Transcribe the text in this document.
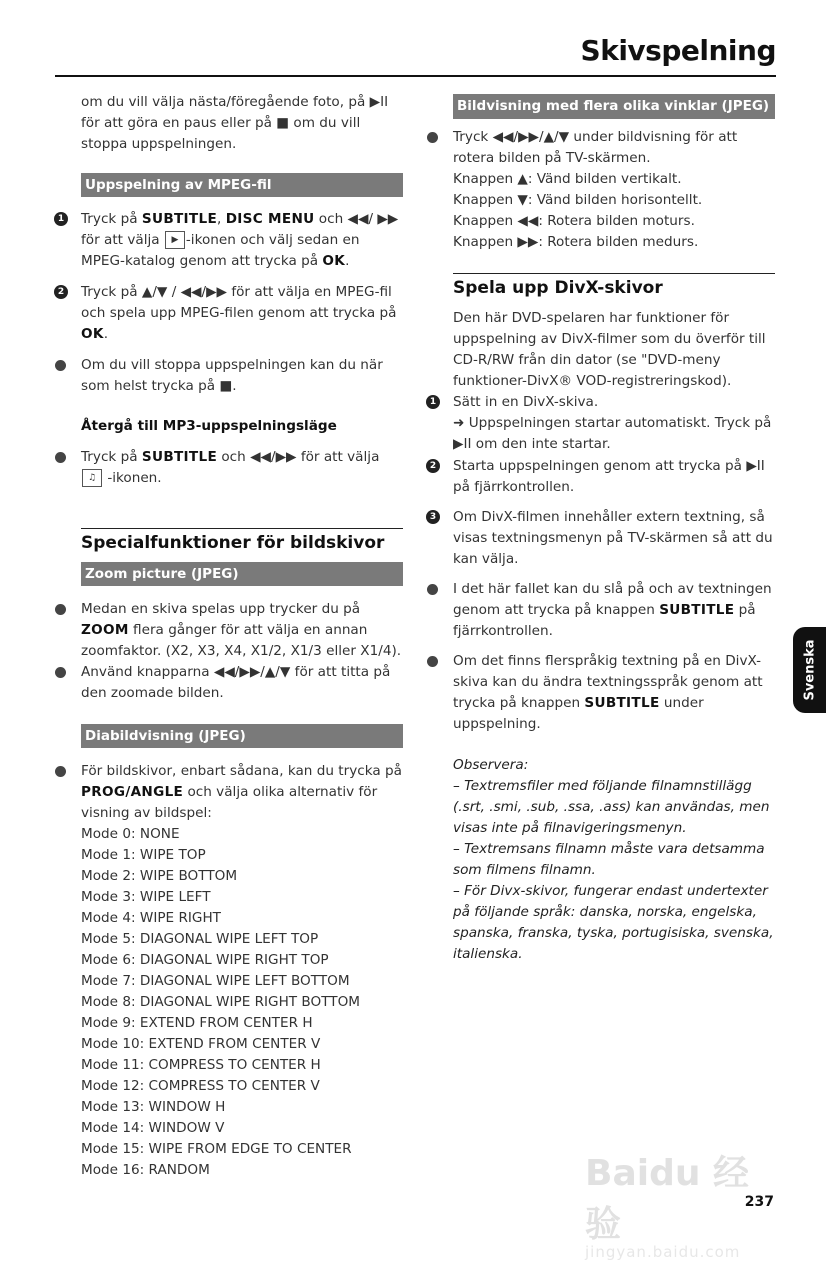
Skivspelning

om du vill välja nästa/föregående foto, på ▶II för att göra en paus eller på ■ om du vill stoppa uppspelningen.

Uppspelning av MPEG-fil
1 Tryck på SUBTITLE, DISC MENU och ◀◀/ ▶▶ för att välja ▶ -ikonen och välj sedan en MPEG-katalog genom att trycka på OK.
2 Tryck på ▲/▼ / ◀◀/▶▶ för att välja en MPEG-fil och spela upp MPEG-filen genom att trycka på OK.
Om du vill stoppa uppspelningen kan du när som helst trycka på ■.

Återgå till MP3-uppspelningsläge

Tryck på SUBTITLE och ◀◀/▶▶ för att välja ♫ -ikonen.
Specialfunktioner för bildskivor
Zoom picture (JPEG)
Medan en skiva spelas upp trycker du på ZOOM flera gånger för att välja en annan zoomfaktor. (X2, X3, X4, X1/2, X1/3 eller X1/4).
Använd knapparna ◀◀/▶▶/▲/▼ för att titta på den zoomade bilden.
Diabildvisning (JPEG)
För bildskivor, enbart sådana, kan du trycka på PROG/ANGLE och välja olika alternativ för visning av bildspel:

Mode 0: NONE

Mode 1: WIPE TOP

Mode 2: WIPE BOTTOM

Mode 3: WIPE LEFT

Mode 4: WIPE RIGHT

Mode 5: DIAGONAL WIPE LEFT TOP

Mode 6: DIAGONAL WIPE RIGHT TOP

Mode 7: DIAGONAL WIPE LEFT BOTTOM

Mode 8: DIAGONAL WIPE RIGHT BOTTOM

Mode 9: EXTEND FROM CENTER H

Mode 10: EXTEND FROM CENTER V

Mode 11: COMPRESS TO CENTER H

Mode 12: COMPRESS TO CENTER V

Mode 13: WINDOW H

Mode 14: WINDOW V

Mode 15: WIPE FROM EDGE TO CENTER

Mode 16: RANDOM

Bildvisning med flera olika vinklar (JPEG)

Tryck ◀◀/▶▶/▲/▼ under bildvisning för att rotera bilden på TV-skärmen.

Knappen ▲: Vänd bilden vertikalt.

Knappen ▼: Vänd bilden horisontellt.

Knappen ◀◀: Rotera bilden moturs.

Knappen ▶▶: Rotera bilden medurs.

Spela upp DivX-skivor

Den här DVD-spelaren har funktioner för uppspelning av DivX-filmer som du överför till CD-R/RW från din dator (se "DVD-meny funktioner-DivX® VOD-registreringskod).

1 Sätt in en DivX-skiva.

➜ Uppspelningen startar automatiskt. Tryck på ▶II om den inte startar.

2 Starta uppspelningen genom att trycka på ▶II på fjärrkontrollen.

3 Om DivX-filmen innehåller extern textning, så visas textningsmenyn på TV-skärmen så att du kan välja.

I det här fallet kan du slå på och av textningen genom att trycka på knappen SUBTITLE på fjärrkontrollen.
Om det finns flerspråkig textning på en DivX-skiva kan du ändra textningsspråk genom att trycka på knappen SUBTITLE under uppspelning.

Observera:

– Textremsfiler med följande filnamnstillägg (.srt, .smi, .sub, .ssa, .ass) kan användas, men visas inte på filnavigeringsmenyn.

– Textremsans filnamn måste vara detsamma som filmens filnamn.

– För Divx-skivor, fungerar endast undertexter på följande språk: danska, norska, engelska, spanska, franska, tyska, portugisiska, svenska, italienska.

Svenska
Baidu 经验
jingyan.baidu.com
237
